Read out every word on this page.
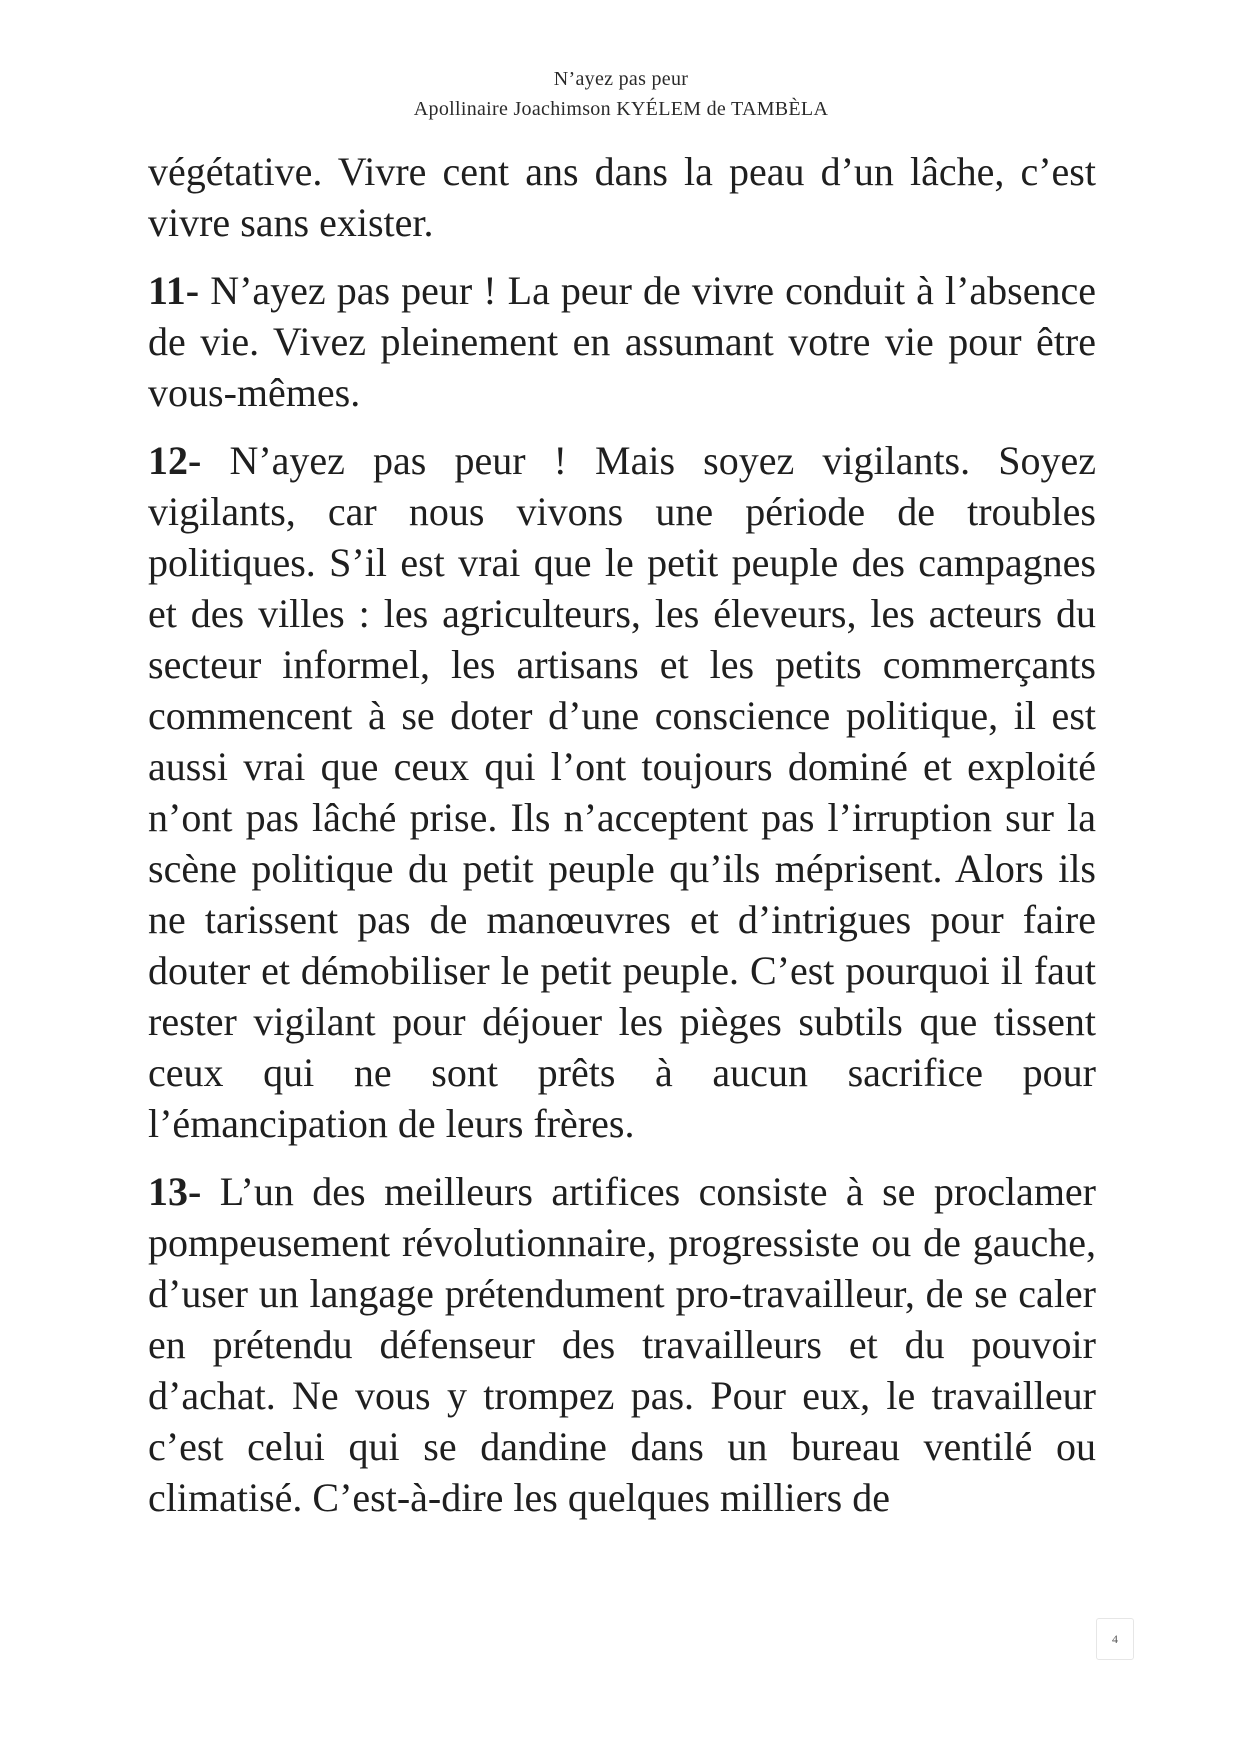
N’ayez pas peur
Apollinaire Joachimson KYÉLEM de TAMBÈLA

végétative. Vivre cent ans dans la peau d’un lâche, c’est vivre sans exister.

11- N’ayez pas peur ! La peur de vivre conduit à l’absence de vie. Vivez pleinement en assumant votre vie pour être vous-mêmes.

12- N’ayez pas peur ! Mais soyez vigilants. Soyez vigilants, car nous vivons une période de troubles politiques. S’il est vrai que le petit peuple des campagnes et des villes : les agriculteurs, les éleveurs, les acteurs du secteur informel, les artisans et les petits commerçants commencent à se doter d’une conscience politique, il est aussi vrai que ceux qui l’ont toujours dominé et exploité n’ont pas lâché prise. Ils n’acceptent pas l’irruption sur la scène politique du petit peuple qu’ils méprisent. Alors ils ne tarissent pas de manœuvres et d’intrigues pour faire douter et démobiliser le petit peuple. C’est pourquoi il faut rester vigilant pour déjouer les pièges subtils que tissent ceux qui ne sont prêts à aucun sacrifice pour l’émancipation de leurs frères.

13- L’un des meilleurs artifices consiste à se proclamer pompeusement révolutionnaire, progressiste ou de gauche, d’user un langage prétendument pro-travailleur, de se caler en prétendu défenseur des travailleurs et du pouvoir d’achat. Ne vous y trompez pas. Pour eux, le travailleur c’est celui qui se dandine dans un bureau ventilé ou climatisé. C’est-à-dire les quelques milliers de

4
